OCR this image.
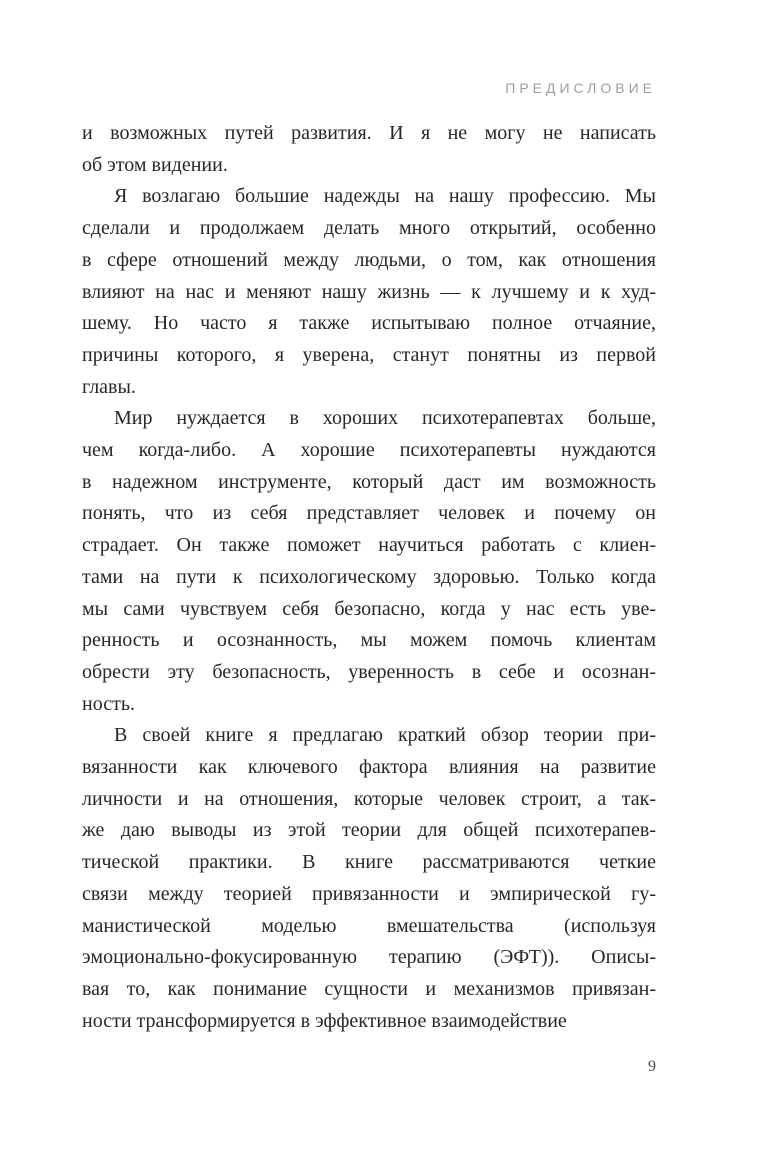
ПРЕДИСЛОВИЕ

и возможных путей развития. И я не могу не написать
об этом видении.

Я возлагаю большие надежды на нашу профессию. Мы
сделали и продолжаем делать много открытий, особенно
в сфере отношений между людьми, о том, как отношения
влияют на нас и меняют нашу жизнь — к лучшему и к худ-
шему. Но часто я также испытываю полное отчаяние,
причины которого, я уверена, станут понятны из первой
главы.

Мир нуждается в хороших психотерапевтах больше,
чем когда-либо. А хорошие психотерапевты нуждаются
в надежном инструменте, который даст им возможность
понять, что из себя представляет человек и почему он
страдает. Он также поможет научиться работать с клиен-
тами на пути к психологическому здоровью. Только когда
мы сами чувствуем себя безопасно, когда у нас есть уве-
ренность и осознанность, мы можем помочь клиентам
обрести эту безопасность, уверенность в себе и осознан-
ность.

В своей книге я предлагаю краткий обзор теории при-
вязанности как ключевого фактора влияния на развитие
личности и на отношения, которые человек строит, а так-
же даю выводы из этой теории для общей психотерапев-
тической практики. В книге рассматриваются четкие
связи между теорией привязанности и эмпирической гу-
манистической моделью вмешательства (используя
эмоционально-фокусированную терапию (ЭФТ)). Описы-
вая то, как понимание сущности и механизмов привязан-
ности трансформируется в эффективное взаимодействие

9
